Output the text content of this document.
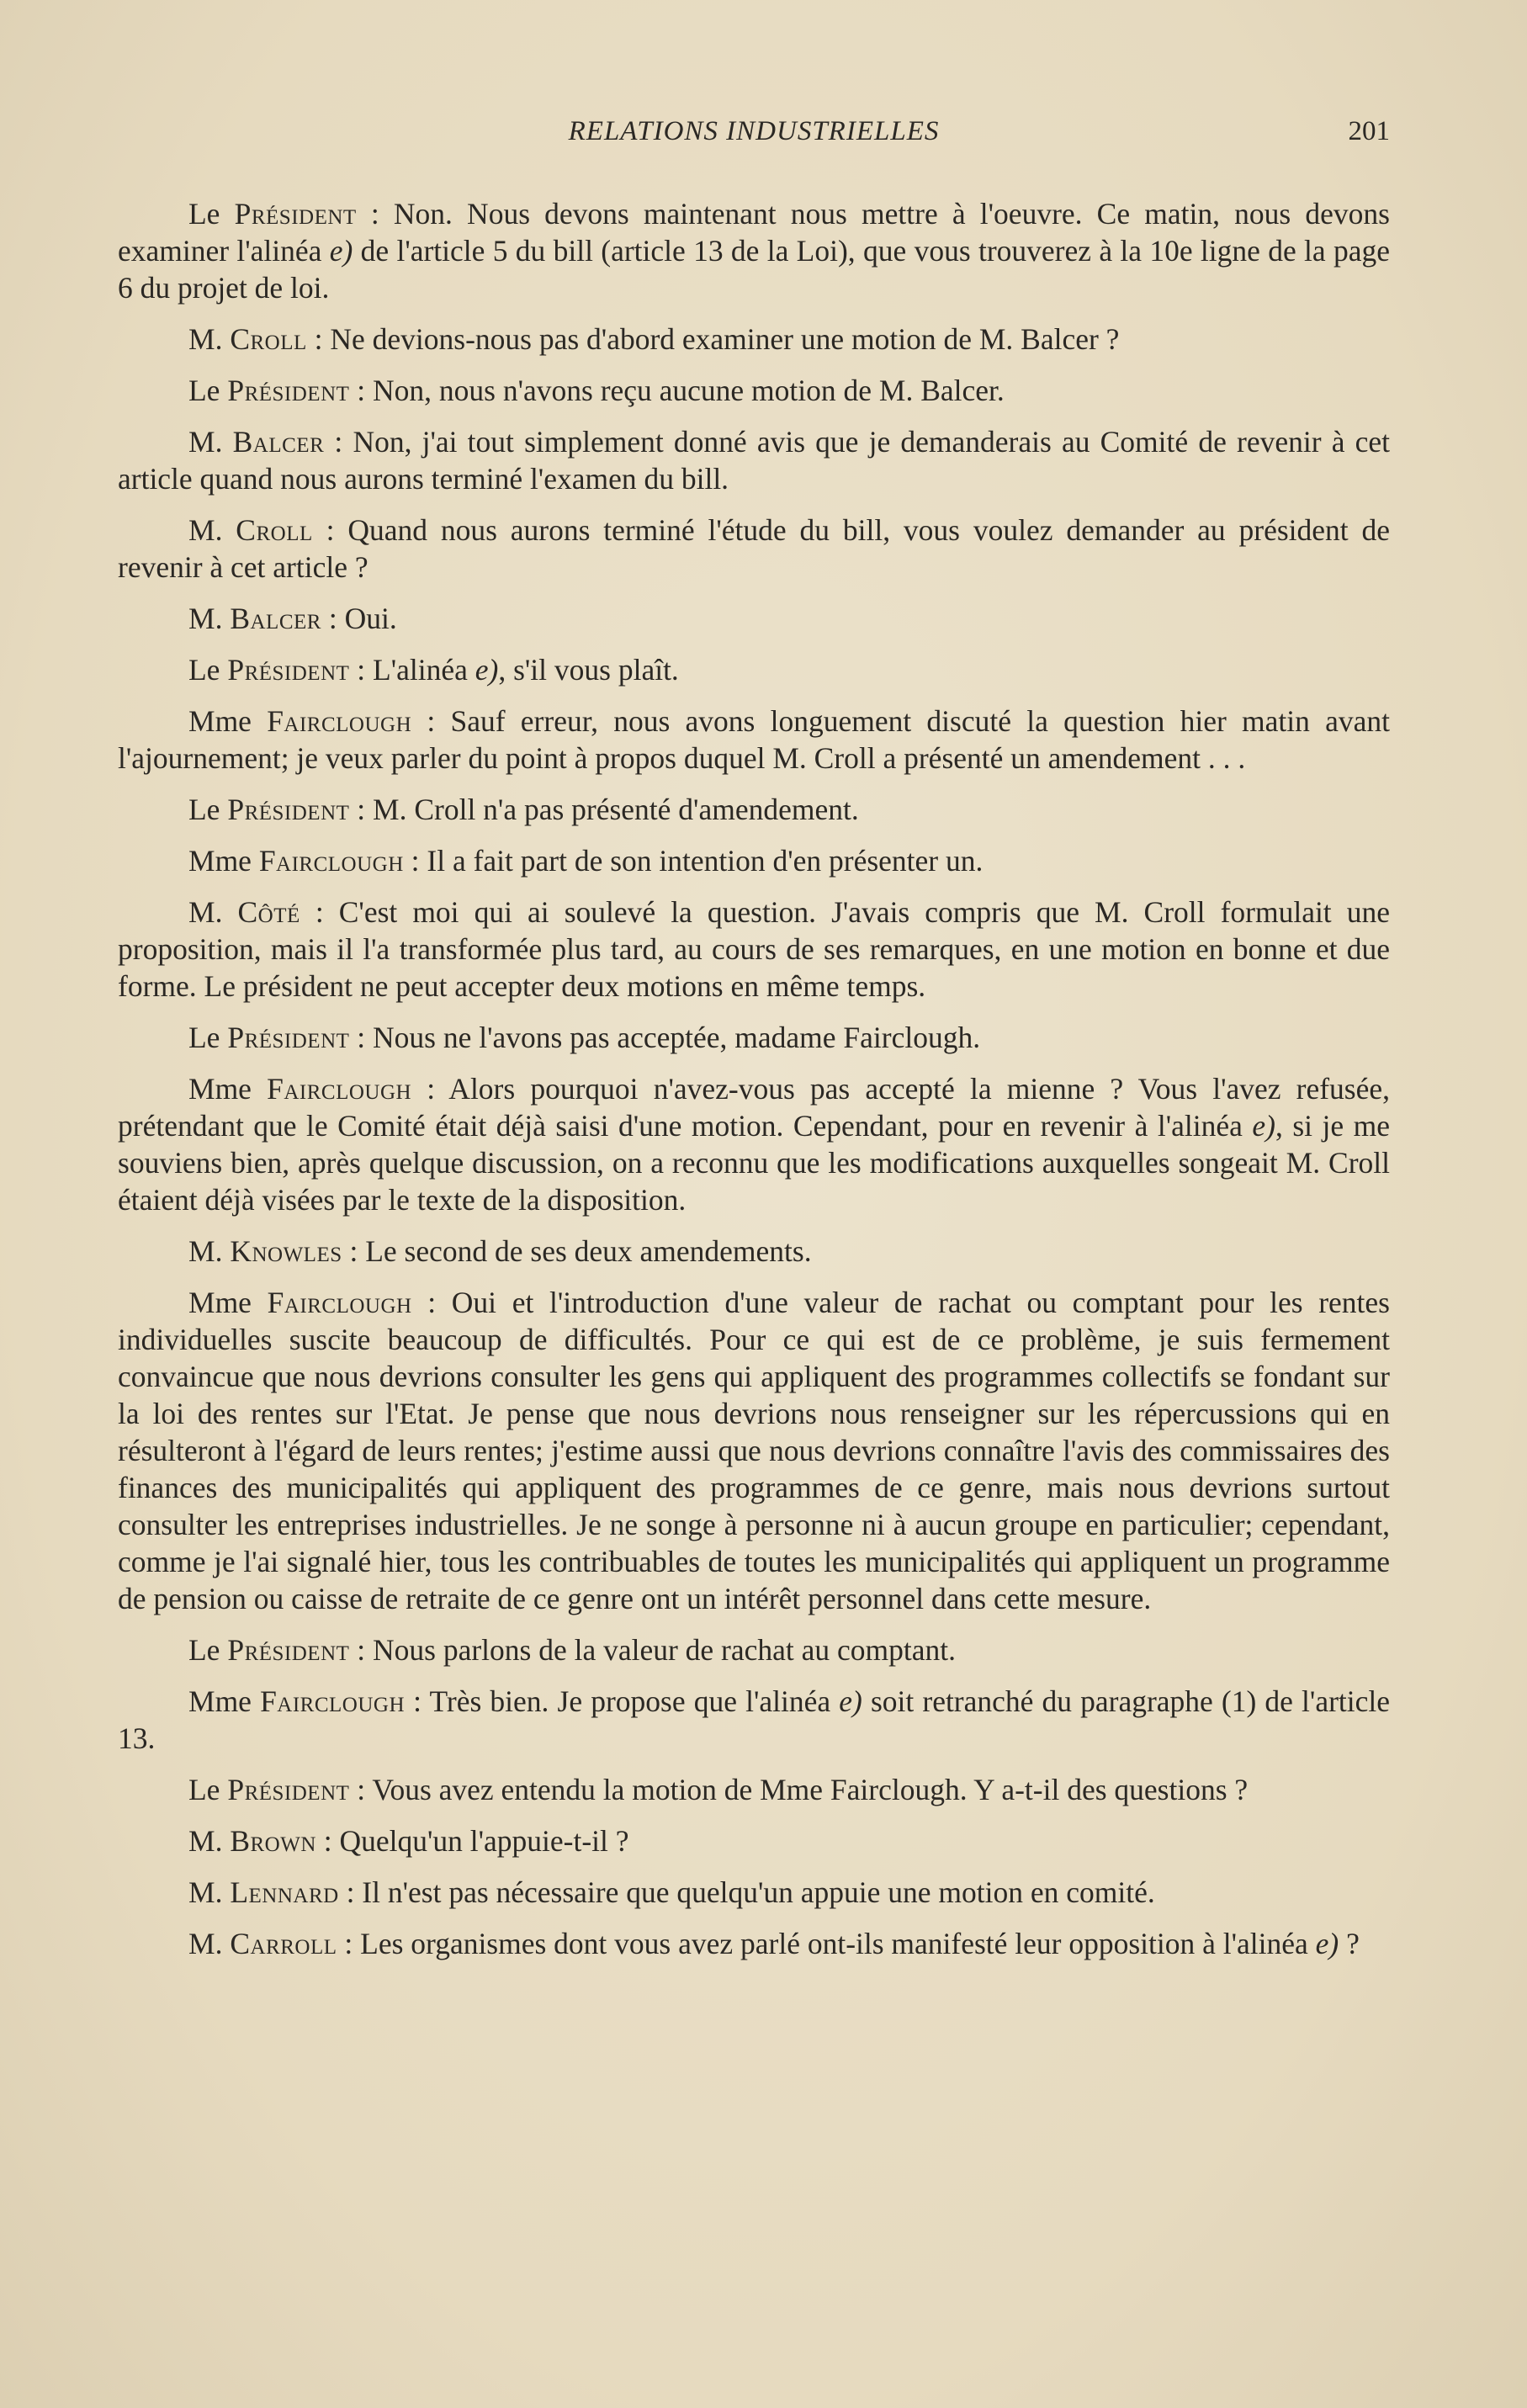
RELATIONS INDUSTRIELLES	201

Le Président : Non. Nous devons maintenant nous mettre à l'oeuvre. Ce matin, nous devons examiner l'alinéa e) de l'article 5 du bill (article 13 de la Loi), que vous trouverez à la 10e ligne de la page 6 du projet de loi.

M. Croll : Ne devions-nous pas d'abord examiner une motion de M. Balcer ?

Le Président : Non, nous n'avons reçu aucune motion de M. Balcer.

M. Balcer : Non, j'ai tout simplement donné avis que je demanderais au Comité de revenir à cet article quand nous aurons terminé l'examen du bill.

M. Croll : Quand nous aurons terminé l'étude du bill, vous voulez demander au président de revenir à cet article ?

M. Balcer : Oui.

Le Président : L'alinéa e), s'il vous plaît.

Mme Fairclough : Sauf erreur, nous avons longuement discuté la question hier matin avant l'ajournement; je veux parler du point à propos duquel M. Croll a présenté un amendement . . .

Le Président : M. Croll n'a pas présenté d'amendement.

Mme Fairclough : Il a fait part de son intention d'en présenter un.

M. Côté : C'est moi qui ai soulevé la question. J'avais compris que M. Croll formulait une proposition, mais il l'a transformée plus tard, au cours de ses remarques, en une motion en bonne et due forme. Le président ne peut accepter deux motions en même temps.

Le Président : Nous ne l'avons pas acceptée, madame Fairclough.

Mme Fairclough : Alors pourquoi n'avez-vous pas accepté la mienne ? Vous l'avez refusée, prétendant que le Comité était déjà saisi d'une motion. Cependant, pour en revenir à l'alinéa e), si je me souviens bien, après quelque discussion, on a reconnu que les modifications auxquelles songeait M. Croll étaient déjà visées par le texte de la disposition.

M. Knowles : Le second de ses deux amendements.

Mme Fairclough : Oui et l'introduction d'une valeur de rachat ou comptant pour les rentes individuelles suscite beaucoup de difficultés. Pour ce qui est de ce problème, je suis fermement convaincue que nous devrions consulter les gens qui appliquent des programmes collectifs se fondant sur la loi des rentes sur l'Etat. Je pense que nous devrions nous renseigner sur les répercussions qui en résulteront à l'égard de leurs rentes; j'estime aussi que nous devrions connaître l'avis des commissaires des finances des municipalités qui appliquent des programmes de ce genre, mais nous devrions surtout consulter les entreprises industrielles. Je ne songe à personne ni à aucun groupe en particulier; cependant, comme je l'ai signalé hier, tous les contribuables de toutes les municipalités qui appliquent un programme de pension ou caisse de retraite de ce genre ont un intérêt personnel dans cette mesure.

Le Président : Nous parlons de la valeur de rachat au comptant.

Mme Fairclough : Très bien. Je propose que l'alinéa e) soit retranché du paragraphe (1) de l'article 13.

Le Président : Vous avez entendu la motion de Mme Fairclough. Y a-t-il des questions ?

M. Brown : Quelqu'un l'appuie-t-il ?

M. Lennard : Il n'est pas nécessaire que quelqu'un appuie une motion en comité.

M. Carroll : Les organismes dont vous avez parlé ont-ils manifesté leur opposition à l'alinéa e) ?
